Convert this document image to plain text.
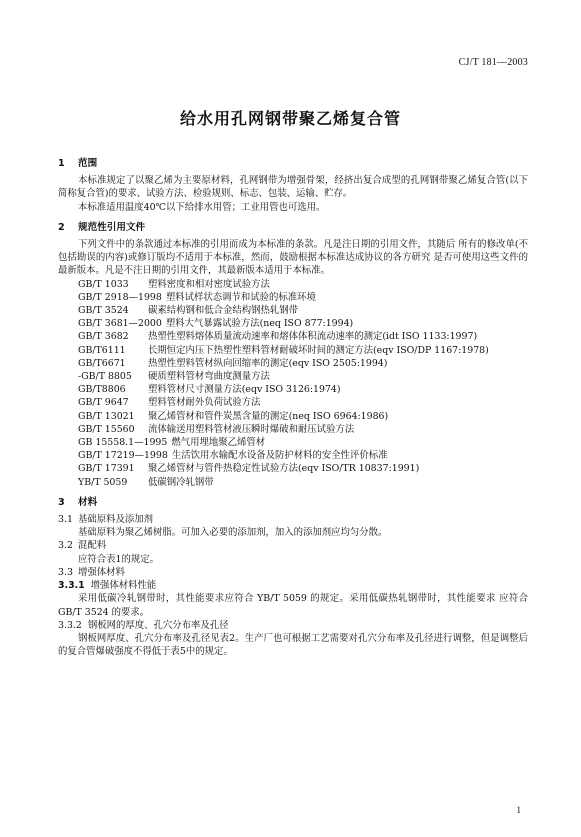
CJ/T 181—2003
给水用孔网钢带聚乙烯复合管
1 范围
本标准规定了以聚乙烯为主要原材料，孔网钢带为增强骨架，经挤出复合成型的孔网钢带聚乙烯复合管(以下简称复合管)的要求、试验方法、检验规则、标志、包装、运输、贮存。
本标准适用温度40℃以下给排水用管；工业用管也可选用。
2 规范性引用文件
下列文件中的条款通过本标准的引用而成为本标准的条款。凡是注日期的引用文件，其随后 所有的修改单(不包括勘误的内容)或修订版均不适用于本标准，然而，鼓励根据本标准达成协议的各方研究 是否可使用这些文件的最新版本。凡是不注日期的引用文件，其最新版本适用于本标准。
GB/T 1033 塑料密度和相对密度试验方法
GB/T 2918—1998 塑料试样状态调节和试验的标准环境
GB/T 3524 碳素结构钢和低合金结构钢热轧钢带
GB/T 3681—2000 塑料大气暴露试验方法(neq ISO 877:1994)
GB/T 3682 热塑性塑料熔体质量流动速率和熔体体积流动速率的测定(idt ISO 1133:1997)
GB/T6111 长期恒定内压下热塑性塑料管材耐破坏时间的测定方法(eqv ISO/DP 1167:1978)
GB/T6671 热塑性塑料管材纵向回缩率的测定(eqv ISO 2505:1994)
-GB/T 8805 硬质塑料管材弯曲度测量方法
GB/T8806 塑料管材尺寸测量方法(eqv ISO 3126:1974)
GB/T 9647 塑料管材耐外负荷试验方法
GB/T 13021 聚乙烯管材和管件炭黑含量的测定(neq ISO 6964:1986)
GB/T 15560 流体输送用塑料管材液压瞬时爆破和耐压试验方法
GB 15558.1—1995 燃气用埋地聚乙烯管材
GB/T 17219—1998 生活饮用水输配水设备及防护材料的安全性评价标准
GB/T 17391 聚乙烯管材与管件热稳定性试验方法(eqv ISO/TR 10837:1991)
YB/T 5059 低碳钢冷轧钢带
3 材料
3.1 基础原料及添加剂
基础原料为聚乙烯树脂。可加入必要的添加剂，加入的添加剂应均匀分散。
3.2 混配料
应符合表1的规定。
3.3 增强体材料
3.3.1 增强体材料性能
采用低碳冷轧钢带时，其性能要求应符合 YB/T 5059 的规定。采用低碳热轧钢带时，其性能要求 应符合GB/T 3524 的要求。
3.3.2 钢板网的厚度、孔穴分布率及孔径
钢板网厚度、孔穴分布率及孔径见表2。生产厂也可根据工艺需要对孔穴分布率及孔径进行调整，但是调整后的复合管爆破强度不得低于表5中的规定。
1
